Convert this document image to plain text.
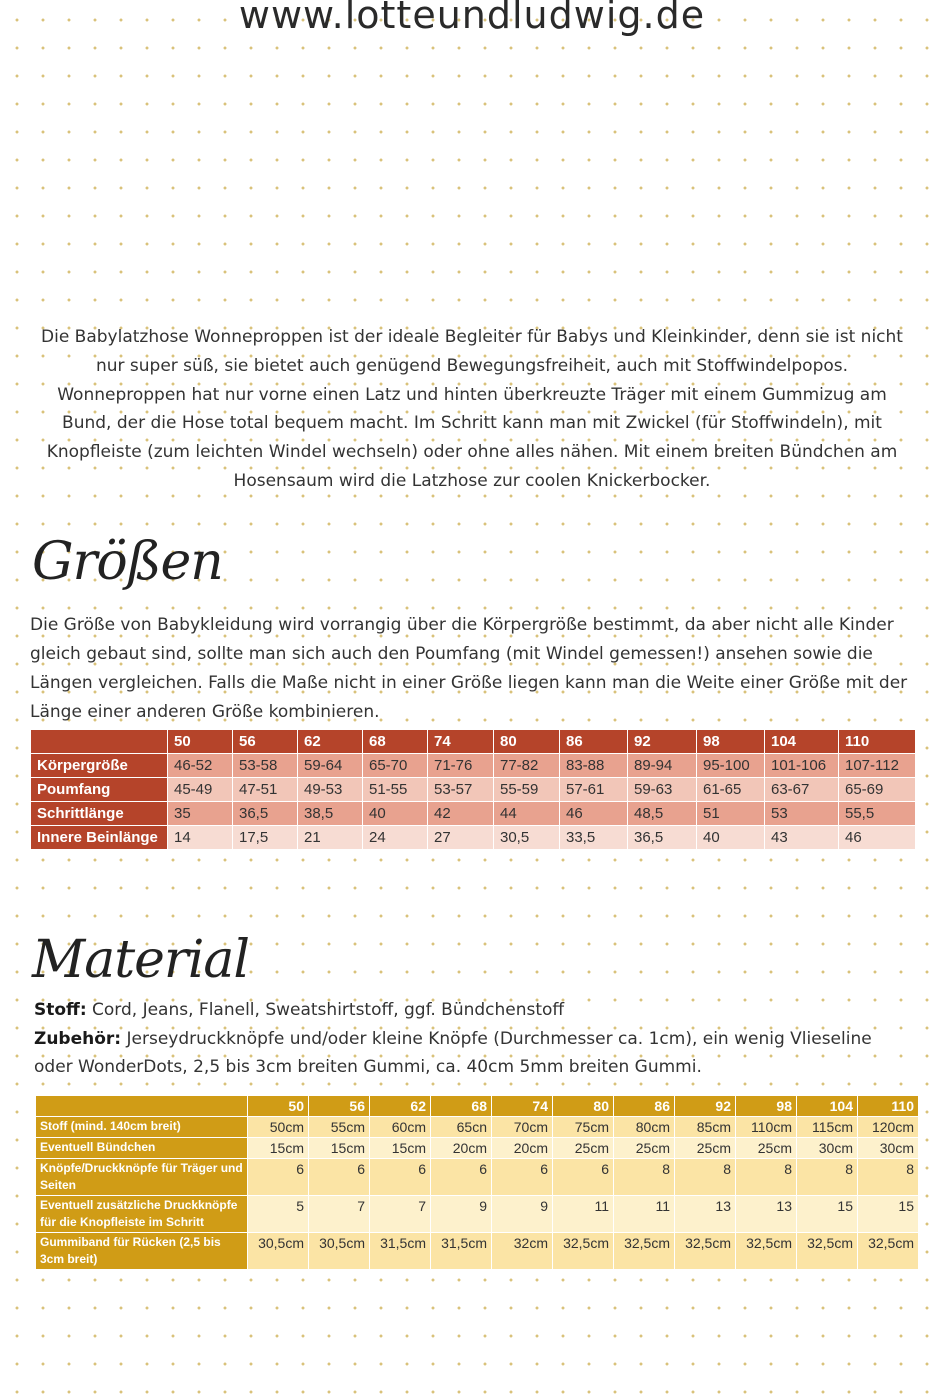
www.lotteundludwig.de
Die Babylatzhose Wonneproppen ist der ideale Begleiter für Babys und Kleinkinder, denn sie ist nicht nur super süß, sie bietet auch genügend Bewegungsfreiheit, auch mit Stoffwindelpopos. Wonneproppen hat nur vorne einen Latz und hinten überkreuzte Träger mit einem Gummizug am Bund, der die Hose total bequem macht. Im Schritt kann man mit Zwickel (für Stoffwindeln), mit Knopfleiste (zum leichten Windel wechseln) oder ohne alles nähen. Mit einem breiten Bündchen am Hosensaum wird die Latzhose zur coolen Knickerbocker.
Größen
Die Größe von Babykleidung wird vorrangig über die Körpergröße bestimmt, da aber nicht alle Kinder gleich gebaut sind, sollte man sich auch den Poumfang (mit Windel gemessen!) ansehen sowie die Längen vergleichen. Falls die Maße nicht in einer Größe liegen kann man die Weite einer Größe mit der Länge einer anderen Größe kombinieren.
	50	56	62	68	74	80	86	92	98	104	110
Körpergröße	46-52	53-58	59-64	65-70	71-76	77-82	83-88	89-94	95-100	101-106	107-112
Poumfang	45-49	47-51	49-53	51-55	53-57	55-59	57-61	59-63	61-65	63-67	65-69
Schrittlänge	35	36,5	38,5	40	42	44	46	48,5	51	53	55,5
Innere Beinlänge	14	17,5	21	24	27	30,5	33,5	36,5	40	43	46
Material
Stoff: Cord, Jeans, Flanell, Sweatshirtstoff, ggf. Bündchenstoff
Zubehör: Jerseydruckknöpfe und/oder kleine Knöpfe (Durchmesser ca. 1cm), ein wenig Vlieseline oder WonderDots, 2,5 bis 3cm breiten Gummi, ca. 40cm 5mm breiten Gummi.
	50	56	62	68	74	80	86	92	98	104	110
Stoff (mind. 140cm breit)	50cm	55cm	60cm	65cn	70cm	75cm	80cm	85cm	110cm	115cm	120cm
Eventuell Bündchen	15cm	15cm	15cm	20cm	20cm	25cm	25cm	25cm	25cm	30cm	30cm
Knöpfe/Druckknöpfe für Träger und Seiten	6	6	6	6	6	6	8	8	8	8	8
Eventuell zusätzliche Druckknöpfe für die Knopfleiste im Schritt	5	7	7	9	9	11	11	13	13	15	15
Gummiband für Rücken (2,5 bis 3cm breit)	30,5cm	30,5cm	31,5cm	31,5cm	32cm	32,5cm	32,5cm	32,5cm	32,5cm	32,5cm	32,5cm
